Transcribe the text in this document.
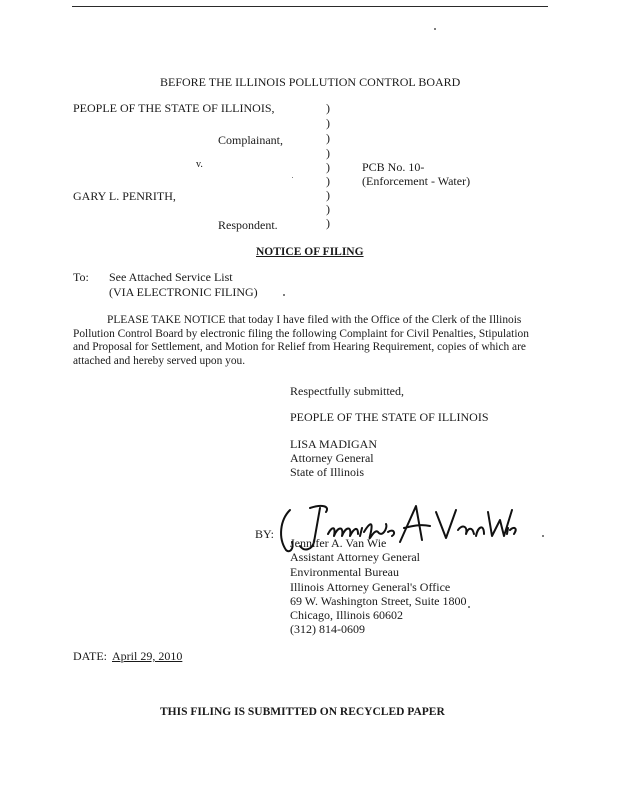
BEFORE THE ILLINOIS POLLUTION CONTROL BOARD
PEOPLE OF THE STATE OF ILLINOIS,
Complainant,
v.
GARY L. PENRITH,
Respondent.
)
)
)
)
)
)
)
)
)
PCB No. 10-
(Enforcement - Water)
NOTICE OF FILING
To: See Attached Service List
(VIA ELECTRONIC FILING)
PLEASE TAKE NOTICE that today I have filed with the Office of the Clerk of the Illinois Pollution Control Board by electronic filing the following Complaint for Civil Penalties, Stipulation and Proposal for Settlement, and Motion for Relief from Hearing Requirement, copies of which are attached and hereby served upon you.
Respectfully submitted,
PEOPLE OF THE STATE OF ILLINOIS
LISA MADIGAN
Attorney General
State of Illinois
BY:
Jennifer A. Van Wie
Assistant Attorney General
Environmental Bureau
Illinois Attorney General's Office
69 W. Washington Street, Suite 1800
Chicago, Illinois 60602
(312) 814-0609
DATE: April 29, 2010
THIS FILING IS SUBMITTED ON RECYCLED PAPER
